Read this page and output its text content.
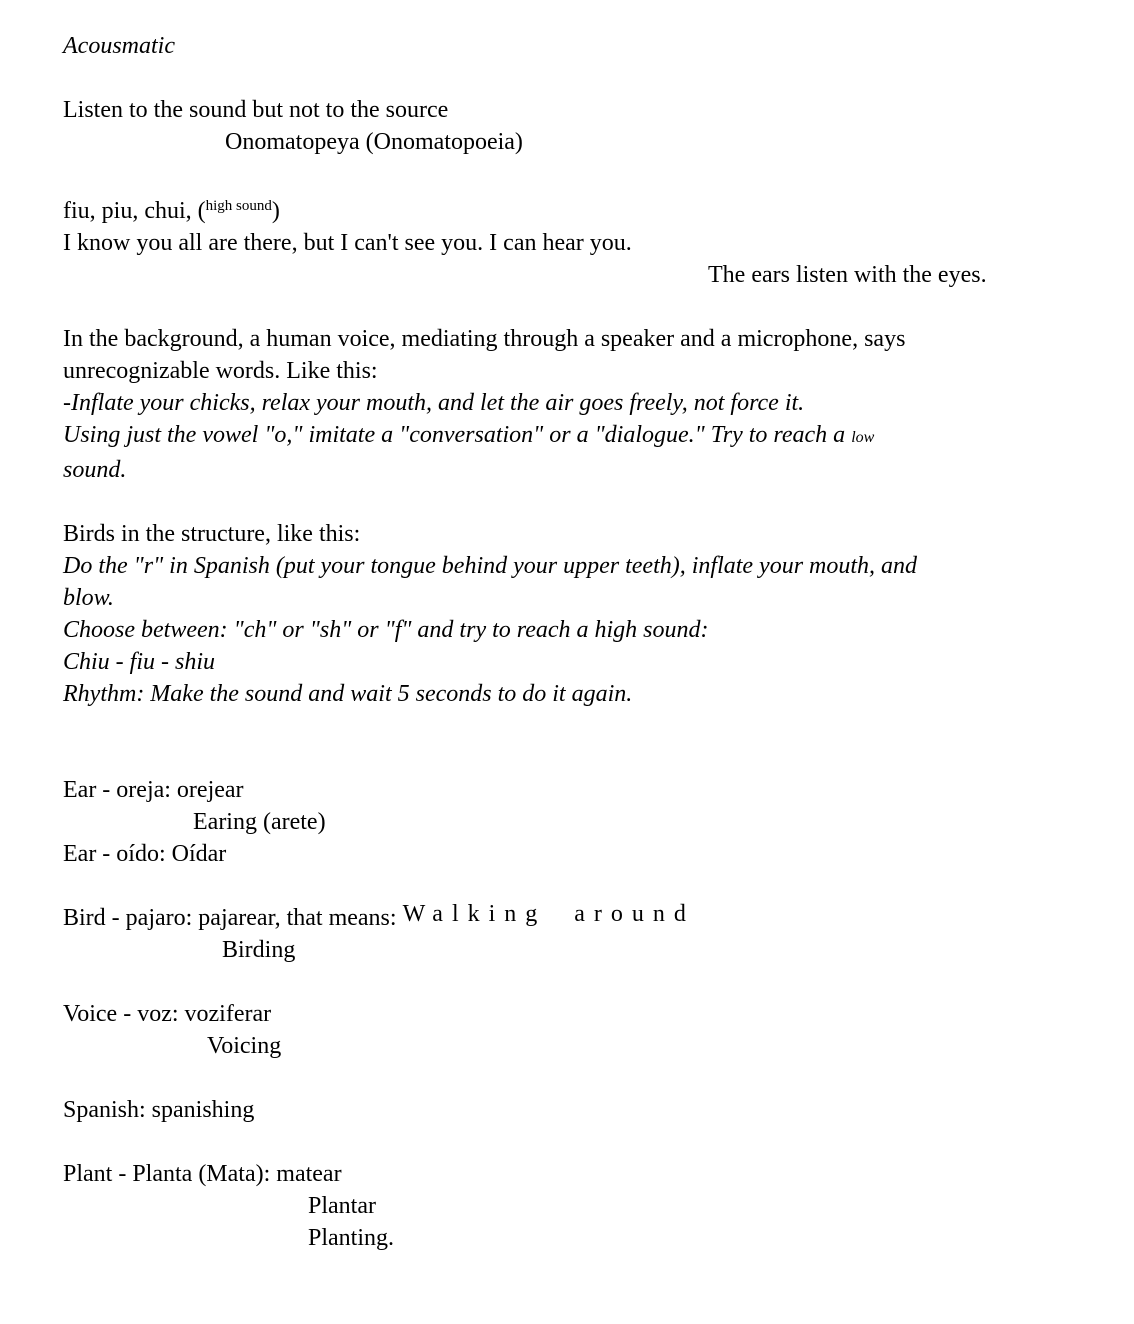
Acousmatic
Listen to the sound but not to the source
Onomatopeya (Onomatopoeia)
fiu, piu, chui, ($^{high sound}$)
I know you all are there, but I can't see you. I can hear you.
The ears listen with the eyes.
In the background, a human voice, mediating through a speaker and a microphone, says
unrecognizable words. Like this:
-Inflate your chicks, relax your mouth, and let the air goes freely, not force it.
Using just the vowel "o," imitate a "conversation" or a "dialogue." Try to reach a low
sound.
Birds in the structure, like this:
Do the "r" in Spanish (put your tongue behind your upper teeth), inflate your mouth, and
blow.
Choose between: "ch" or "sh" or "f" and try to reach a high sound:
Chiu - fiu - shiu
Rhythm: Make the sound and wait 5 seconds to do it again.
Ear - oreja: orejear
Earing (arete)
Ear - oído: Oídar
Bird - pajaro: pajarear, that means: Walking around
Birding
Voice - voz: voziferar
Voicing
Spanish: spanishing
Plant - Planta (Mata): matear
Plantar
Planting.
